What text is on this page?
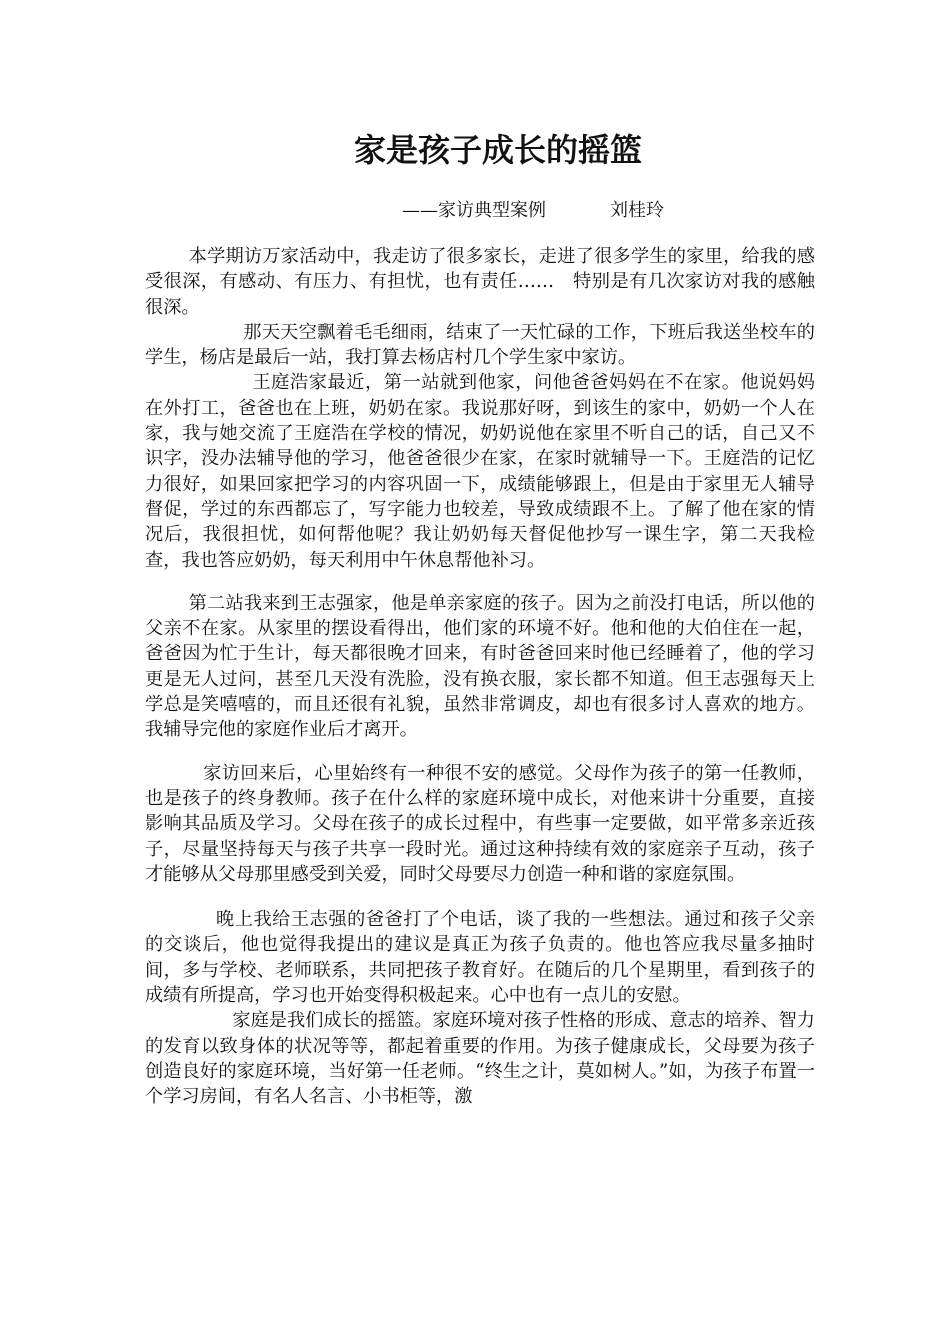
家是孩子成长的摇篮
——家访典型案例	刘桂玲

本学期访万家活动中，我走访了很多家长，走进了很多学生的家里，给我的感受很深，有感动、有压力、有担忧，也有责任……　特别是有几次家访对我的感触很深。

那天天空飘着毛毛细雨，结束了一天忙碌的工作，下班后我送坐校车的学生，杨店是最后一站，我打算去杨店村几个学生家中家访。

王庭浩家最近，第一站就到他家，问他爸爸妈妈在不在家。他说妈妈在外打工，爸爸也在上班，奶奶在家。我说那好呀，到该生的家中，奶奶一个人在家，我与她交流了王庭浩在学校的情况，奶奶说他在家里不听自己的话，自己又不识字，没办法辅导他的学习，他爸爸很少在家，在家时就辅导一下。王庭浩的记忆力很好，如果回家把学习的内容巩固一下，成绩能够跟上，但是由于家里无人辅导督促，学过的东西都忘了，写字能力也较差，导致成绩跟不上。了解了他在家的情况后，我很担忧，如何帮他呢？我让奶奶每天督促他抄写一课生字，第二天我检查，我也答应奶奶，每天利用中午休息帮他补习。

第二站我来到王志强家，他是单亲家庭的孩子。因为之前没打电话，所以他的父亲不在家。从家里的摆设看得出，他们家的环境不好。他和他的大伯住在一起，爸爸因为忙于生计，每天都很晚才回来，有时爸爸回来时他已经睡着了，他的学习更是无人过问，甚至几天没有洗脸，没有换衣服，家长都不知道。但王志强每天上学总是笑嘻嘻的，而且还很有礼貌，虽然非常调皮，却也有很多讨人喜欢的地方。我辅导完他的家庭作业后才离开。

家访回来后，心里始终有一种很不安的感觉。父母作为孩子的第一任教师，也是孩子的终身教师。孩子在什么样的家庭环境中成长，对他来讲十分重要，直接影响其品质及学习。父母在孩子的成长过程中，有些事一定要做，如平常多亲近孩子，尽量坚持每天与孩子共享一段时光。通过这种持续有效的家庭亲子互动，孩子才能够从父母那里感受到关爱，同时父母要尽力创造一种和谐的家庭氛围。

晚上我给王志强的爸爸打了个电话，谈了我的一些想法。通过和孩子父亲的交谈后，他也觉得我提出的建议是真正为孩子负责的。他也答应我尽量多抽时间，多与学校、老师联系，共同把孩子教育好。在随后的几个星期里，看到孩子的成绩有所提高，学习也开始变得积极起来。心中也有一点儿的安慰。

家庭是我们成长的摇篮。家庭环境对孩子性格的形成、意志的培养、智力的发育以致身体的状况等等，都起着重要的作用。为孩子健康成长，父母要为孩子创造良好的家庭环境，当好第一任老师。“终生之计，莫如树人。”如，为孩子布置一个学习房间，有名人名言、小书柜等，激
